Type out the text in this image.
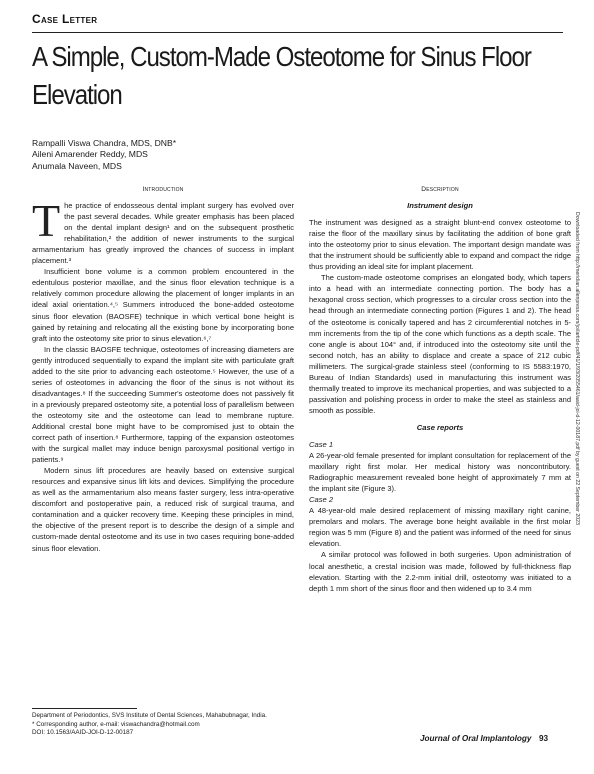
Case Letter
A Simple, Custom-Made Osteotome for Sinus Floor Elevation
Rampalli Viswa Chandra, MDS, DNB*
Aileni Amarender Reddy, MDS
Anumala Naveen, MDS
Introduction

The practice of endosseous dental implant surgery has evolved over the past several decades. While greater emphasis has been placed on the dental implant design¹ and on the subsequent prosthetic rehabilitation,² the addition of newer instruments to the surgical armamentarium has greatly improved the chances of success in implant placement.³

Insufficient bone volume is a common problem encountered in the edentulous posterior maxillae, and the sinus floor elevation technique is a relatively common procedure allowing the placement of longer implants in an ideal axial orientation.⁴,⁵ Summers introduced the bone-added osteotome sinus floor elevation (BAOSFE) technique in which vertical bone height is gained by retaining and relocating all the existing bone by incorporating bone graft into the osteotomy site prior to sinus elevation.⁶,⁷

In the classic BAOSFE technique, osteotomes of increasing diameters are gently introduced sequentially to expand the implant site with particulate graft added to the site prior to advancing each osteotome.⁵ However, the use of a series of osteotomes in advancing the floor of the sinus is not without its disadvantages.⁸ If the succeeding Summer's osteotome does not passively fit in a previously prepared osteotomy site, a potential loss of parallelism between the osteotomy site and the osteotome can lead to membrane rupture. Additional crestal bone might have to be compromised just to obtain the correct path of insertion.⁸ Furthermore, tapping of the expansion osteotomes with the surgical mallet may induce benign paroxysmal positional vertigo in patients.⁹

Modern sinus lift procedures are heavily based on extensive surgical resources and expansive sinus lift kits and devices. Simplifying the procedure as well as the armamentarium also means faster surgery, less intra-operative discomfort and postoperative pain, a reduced risk of surgical trauma, and contamination and a quicker recovery time. Keeping these principles in mind, the objective of the present report is to describe the design of a simple and custom-made dental osteotome and its use in two cases requiring bone-added sinus floor elevation.

Description
Instrument design

The instrument was designed as a straight blunt-end convex osteotome to raise the floor of the maxillary sinus by facilitating the addition of bone graft into the osteotomy prior to sinus elevation. The important design mandate was that the instrument should be sufficiently able to expand and compact the ridge thus providing an ideal site for implant placement.

The custom-made osteotome comprises an elongated body, which tapers into a head with an intermediate connecting portion. The body has a hexagonal cross section, which progresses to a circular cross section into the head through an intermediate connecting portion (Figures 1 and 2). The head of the osteotome is conically tapered and has 2 circumferential notches in 5-mm increments from the tip of the cone which functions as a depth scale. The cone angle is about 104° and, if introduced into the osteotomy site until the second notch, has an ability to displace and create a space of 212 cubic millimeters. The surgical-grade stainless steel (conforming to IS 5583:1970, Bureau of Indian Standards) used in manufacturing this instrument was thermally treated to improve its mechanical properties, and was subjected to a passivation and polishing process in order to make the steel as stainless and smooth as possible.

Case reports

Case 1

A 26-year-old female presented for implant consultation for replacement of the maxillary right first molar. Her medical history was noncontributory. Radiographic measurement revealed bone height of approximately 7 mm at the implant site (Figure 3).

Case 2

A 48-year-old male desired replacement of missing maxillary right canine, premolars and molars. The average bone height available in the first molar region was 5 mm (Figure 8) and the patient was informed of the need for sinus elevation.

A similar protocol was followed in both surgeries. Upon administration of local anesthetic, a crestal incision was made, followed by full-thickness flap elevation. Starting with the 2.2-mm initial drill, osteotomy was initiated to a depth 1 mm short of the sinus floor and then widened up to 3.4 mm

Department of Periodontics, SVS Institute of Dental Sciences, Mahabubnagar, India.
* Corresponding author, e-mail: viswachandra@hotmail.com
DOI: 10.1563/AAID-JOI-D-12-00187
Journal of Oral Implantology 93
Downloaded from http://meridian.allenpress.com/joi/article-pdf/41/1/93/2055461/aaid-joi-d-12-00187.pdf by guest on 22 September 2023
